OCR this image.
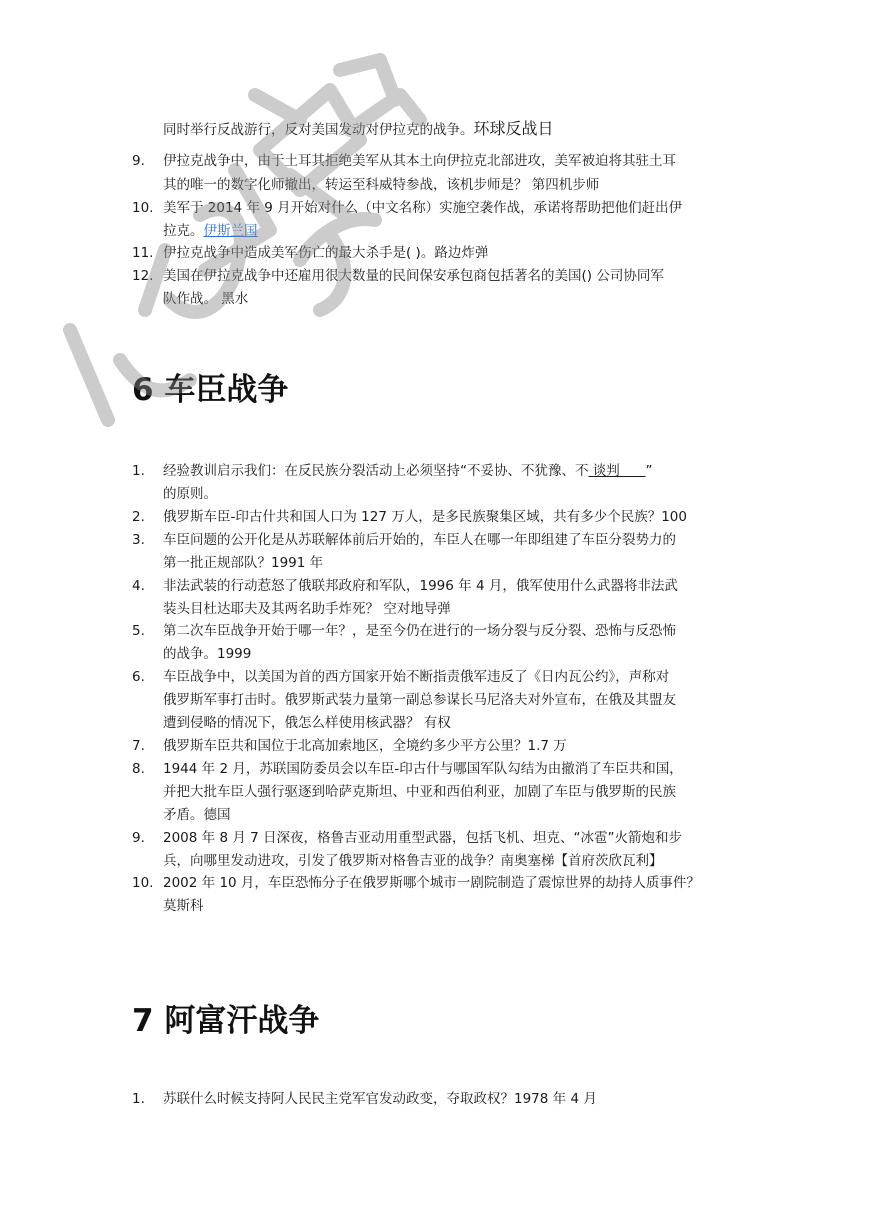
同时举行反战游行，反对美国发动对伊拉克的战争。环球反战日
9. 伊拉克战争中，由于土耳其拒绝美军从其本土向伊拉克北部进攻，美军被迫将其驻土耳
其的唯一的数字化师撤出，转运至科威特参战，该机步师是？ 第四机步师
10. 美军于 2014 年 9 月开始对什么（中文名称）实施空袭作战，承诺将帮助把他们赶出伊
拉克。伊斯兰国
11. 伊拉克战争中造成美军伤亡的最大杀手是( )。路边炸弹
12. 美国在伊拉克战争中还雇用很大数量的民间保安承包商包括著名的美国() 公司协同军
队作战。 黑水
6 车臣战争
1. 经验教训启示我们：在反民族分裂活动上必须坚持“不妥协、不犹豫、不 谈判      ”
的原则。
2. 俄罗斯车臣-印古什共和国人口为 127 万人，是多民族聚集区域，共有多少个民族？100
3. 车臣问题的公开化是从苏联解体前后开始的，车臣人在哪一年即组建了车臣分裂势力的
第一批正规部队？1991 年
4. 非法武装的行动惹怒了俄联邦政府和军队，1996 年 4 月，俄军使用什么武器将非法武
装头目杜达耶夫及其两名助手炸死？ 空对地导弹
5. 第二次车臣战争开始于哪一年？，是至今仍在进行的一场分裂与反分裂、恐怖与反恐怖
的战争。1999
6. 车臣战争中，以美国为首的西方国家开始不断指责俄军违反了《日内瓦公约》，声称对
俄罗斯军事打击时。俄罗斯武装力量第一副总参谋长马尼洛夫对外宣布，在俄及其盟友
遭到侵略的情况下，俄怎么样使用核武器？ 有权
7. 俄罗斯车臣共和国位于北高加索地区，全境约多少平方公里？1.7 万
8. 1944 年 2 月，苏联国防委员会以车臣-印古什与哪国军队勾结为由撤消了车臣共和国，
并把大批车臣人强行驱逐到哈萨克斯坦、中亚和西伯利亚，加剧了车臣与俄罗斯的民族
矛盾。德国
9. 2008 年 8 月 7 日深夜，格鲁吉亚动用重型武器，包括飞机、坦克、“冰雹”火箭炮和步
兵，向哪里发动进攻，引发了俄罗斯对格鲁吉亚的战争？南奥塞梯【首府茨欣瓦利】
10. 2002 年 10 月，车臣恐怖分子在俄罗斯哪个城市一剧院制造了震惊世界的劫持人质事件？
莫斯科
7 阿富汗战争
1. 苏联什么时候支持阿人民民主党军官发动政变，夺取政权？1978 年 4 月
